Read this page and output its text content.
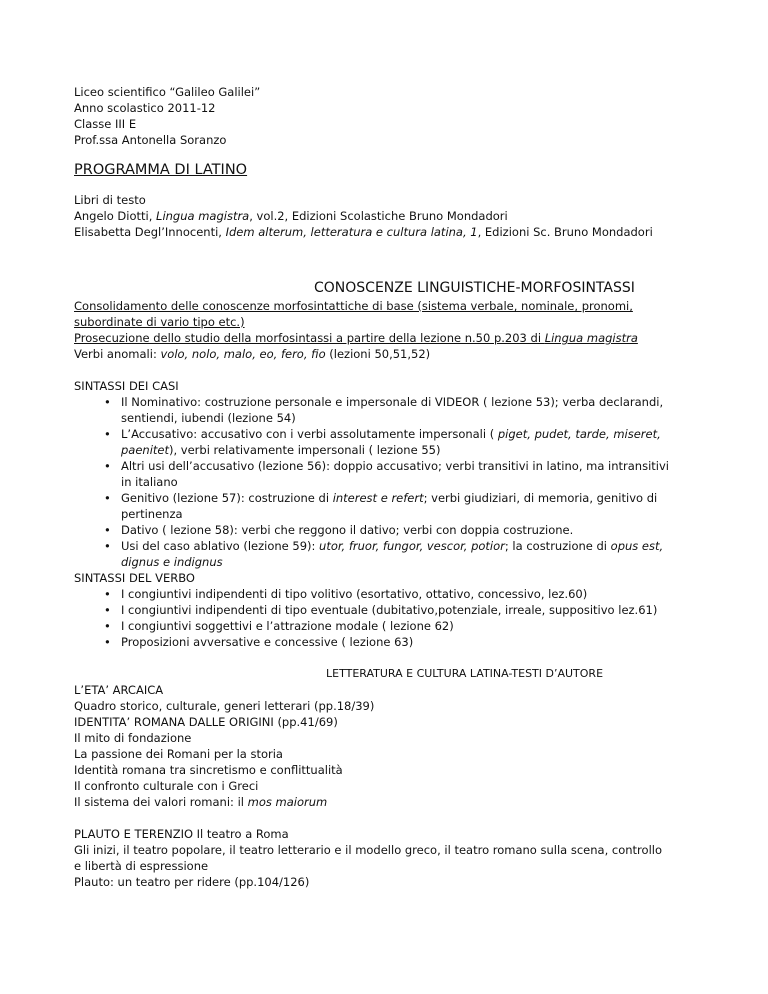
Liceo scientifico “Galileo Galilei”
Anno scolastico 2011-12
Classe III E
Prof.ssa Antonella Soranzo
PROGRAMMA DI LATINO
Libri di testo
Angelo Diotti, Lingua magistra, vol.2, Edizioni Scolastiche Bruno Mondadori
Elisabetta Degl’Innocenti, Idem alterum, letteratura e cultura latina, 1, Edizioni Sc. Bruno Mondadori
CONOSCENZE LINGUISTICHE-MORFOSINTASSI
Consolidamento delle conoscenze morfosintattiche di base (sistema verbale, nominale, pronomi,
subordinate di vario tipo etc.)
Prosecuzione dello studio della morfosintassi a partire della lezione n.50 p.203 di Lingua magistra
Verbi anomali: volo, nolo, malo, eo, fero, fio (lezioni 50,51,52)
SINTASSI DEI CASI
• Il Nominativo: costruzione personale e impersonale di VIDEOR ( lezione 53); verba declarandi,
sentiendi, iubendi (lezione 54)
• L’Accusativo: accusativo con i verbi assolutamente impersonali ( piget, pudet, tarde, miseret,
paenitet), verbi relativamente impersonali ( lezione 55)
• Altri usi dell’accusativo (lezione 56): doppio accusativo; verbi transitivi in latino, ma intransitivi
in italiano
• Genitivo (lezione 57): costruzione di interest e refert; verbi giudiziari, di memoria, genitivo di
pertinenza
• Dativo ( lezione 58): verbi che reggono il dativo; verbi con doppia costruzione.
• Usi del caso ablativo (lezione 59): utor, fruor, fungor, vescor, potior; la costruzione di opus est,
dignus e indignus
SINTASSI DEL VERBO
• I congiuntivi indipendenti di tipo volitivo (esortativo, ottativo, concessivo, lez.60)
• I congiuntivi indipendenti di tipo eventuale (dubitativo,potenziale, irreale, suppositivo lez.61)
• I congiuntivi soggettivi e l’attrazione modale ( lezione 62)
• Proposizioni avversative e concessive ( lezione 63)
LETTERATURA E CULTURA LATINA-TESTI D’AUTORE
L’ETA’ ARCAICA
Quadro storico, culturale, generi letterari (pp.18/39)
IDENTITA’ ROMANA DALLE ORIGINI (pp.41/69)
Il mito di fondazione
La passione dei Romani per la storia
Identità romana tra sincretismo e conflittualità
Il confronto culturale con i Greci
Il sistema dei valori romani: il mos maiorum
PLAUTO E TERENZIO Il teatro a Roma
Gli inizi, il teatro popolare, il teatro letterario e il modello greco, il teatro romano sulla scena, controllo
e libertà di espressione
Plauto: un teatro per ridere (pp.104/126)
